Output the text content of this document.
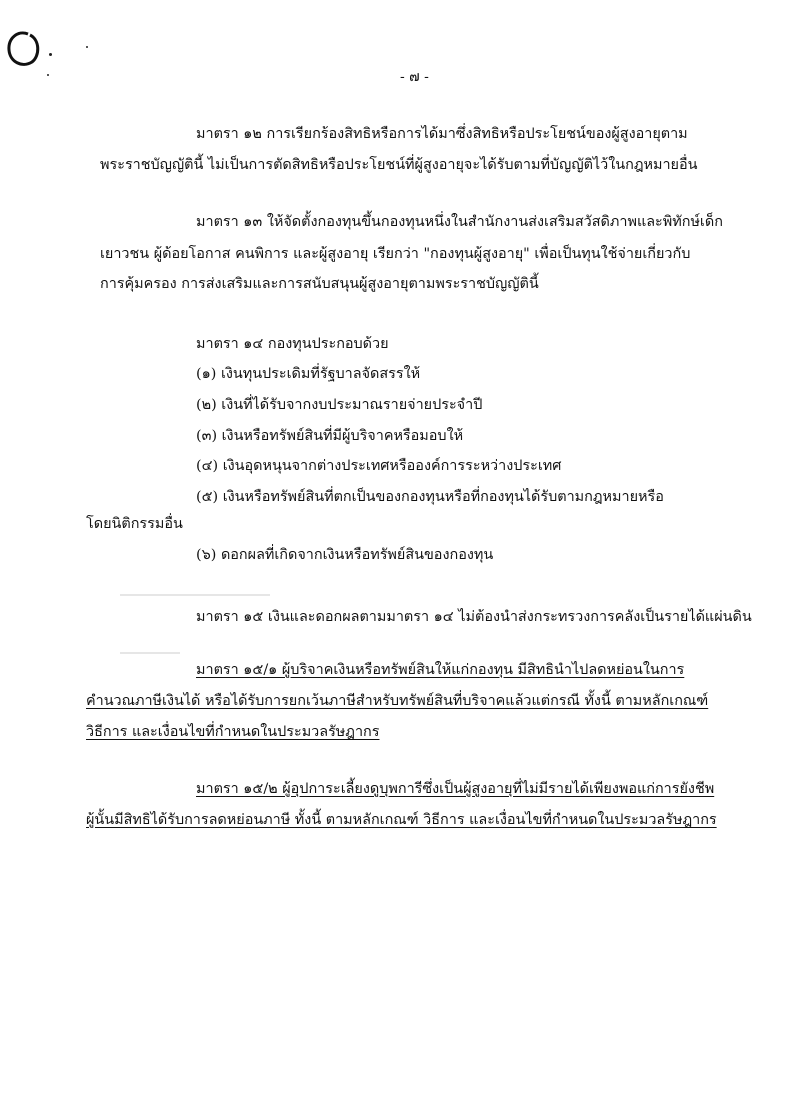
- ๗ -
มาตรา ๑๒ การเรียกร้องสิทธิหรือการได้มาซึ่งสิทธิหรือประโยชน์ของผู้สูงอายุตาม
พระราชบัญญัตินี้ ไม่เป็นการตัดสิทธิหรือประโยชน์ที่ผู้สูงอายุจะได้รับตามที่บัญญัติไว้ในกฎหมายอื่น
มาตรา ๑๓ ให้จัดตั้งกองทุนขึ้นกองทุนหนึ่งในสำนักงานส่งเสริมสวัสดิภาพและพิทักษ์เด็ก
เยาวชน ผู้ด้อยโอกาส คนพิการ และผู้สูงอายุ เรียกว่า "กองทุนผู้สูงอายุ" เพื่อเป็นทุนใช้จ่ายเกี่ยวกับ
การคุ้มครอง การส่งเสริมและการสนับสนุนผู้สูงอายุตามพระราชบัญญัตินี้
มาตรา ๑๔ กองทุนประกอบด้วย
(๑) เงินทุนประเดิมที่รัฐบาลจัดสรรให้
(๒) เงินที่ได้รับจากงบประมาณรายจ่ายประจำปี
(๓) เงินหรือทรัพย์สินที่มีผู้บริจาคหรือมอบให้
(๔) เงินอุดหนุนจากต่างประเทศหรือองค์การระหว่างประเทศ
(๕) เงินหรือทรัพย์สินที่ตกเป็นของกองทุนหรือที่กองทุนได้รับตามกฎหมายหรือ
โดยนิติกรรมอื่น
(๖) ดอกผลที่เกิดจากเงินหรือทรัพย์สินของกองทุน
มาตรา ๑๕ เงินและดอกผลตามมาตรา ๑๔ ไม่ต้องนำส่งกระทรวงการคลังเป็นรายได้แผ่นดิน
มาตรา ๑๕/๑ ผู้บริจาคเงินหรือทรัพย์สินให้แก่กองทุน มีสิทธินำไปลดหย่อนในการ
คำนวณภาษีเงินได้ หรือได้รับการยกเว้นภาษีสำหรับทรัพย์สินที่บริจาคแล้วแต่กรณี ทั้งนี้ ตามหลักเกณฑ์
วิธีการ และเงื่อนไขที่กำหนดในประมวลรัษฎากร
มาตรา ๑๕/๒ ผู้อุปการะเลี้ยงดูบุพการีซึ่งเป็นผู้สูงอายุที่ไม่มีรายได้เพียงพอแก่การยังชีพ
ผู้นั้นมีสิทธิได้รับการลดหย่อนภาษี ทั้งนี้ ตามหลักเกณฑ์ วิธีการ และเงื่อนไขที่กำหนดในประมวลรัษฎากร
